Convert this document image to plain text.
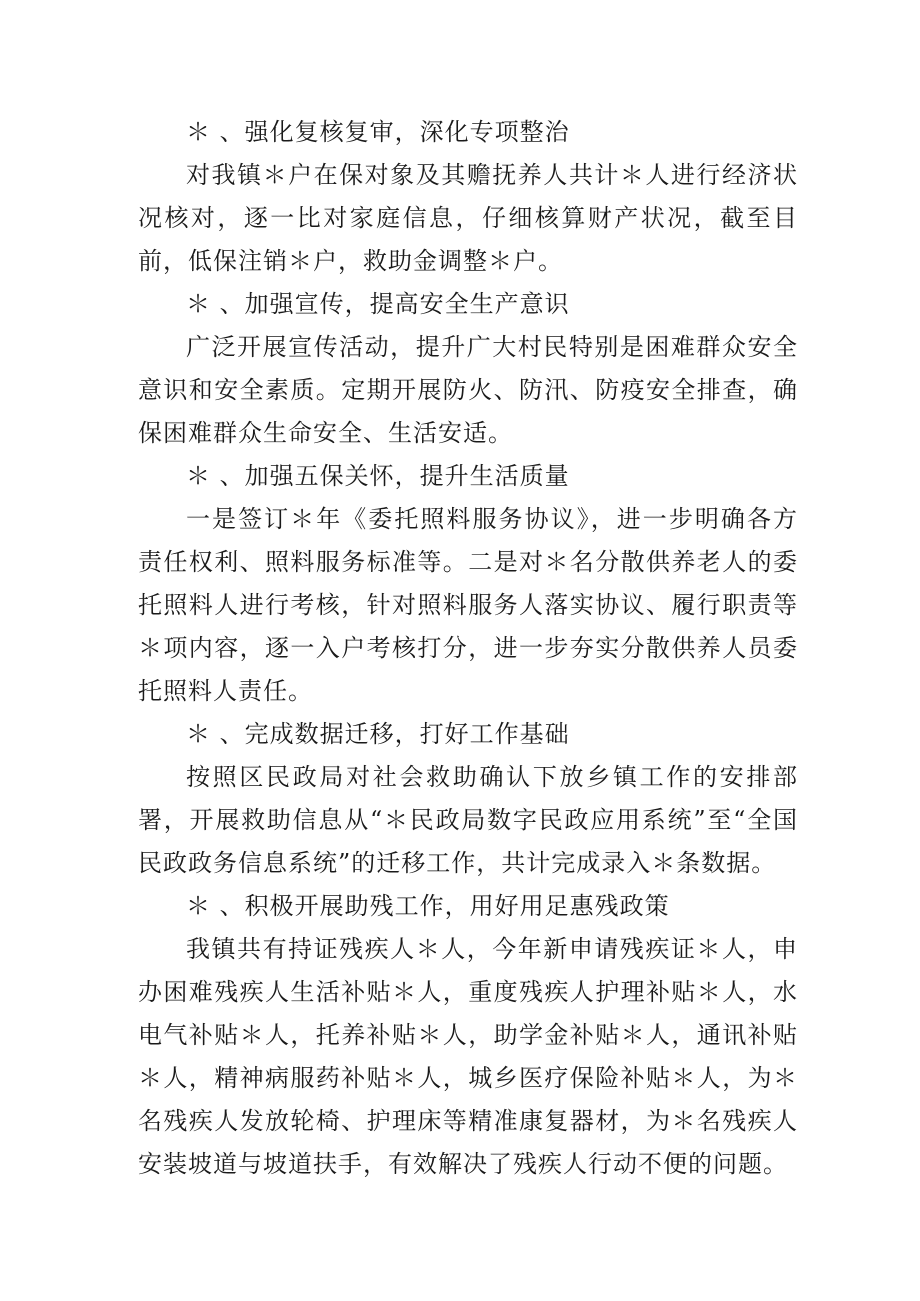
＊ 、强化复核复审，深化专项整治

对我镇＊户在保对象及其赡抚养人共计＊人进行经济状况核对，逐一比对家庭信息，仔细核算财产状况，截至目前，低保注销＊户，救助金调整＊户。

＊ 、加强宣传，提高安全生产意识

广泛开展宣传活动，提升广大村民特别是困难群众安全意识和安全素质。定期开展防火、防汛、防疫安全排查，确保困难群众生命安全、生活安适。

＊ 、加强五保关怀，提升生活质量

一是签订＊年《委托照料服务协议》，进一步明确各方责任权利、照料服务标准等。二是对＊名分散供养老人的委托照料人进行考核，针对照料服务人落实协议、履行职责等＊项内容，逐一入户考核打分，进一步夯实分散供养人员委托照料人责任。

＊ 、完成数据迁移，打好工作基础

按照区民政局对社会救助确认下放乡镇工作的安排部署，开展救助信息从“＊民政局数字民政应用系统”至“全国民政政务信息系统”的迁移工作，共计完成录入＊条数据。

＊ 、积极开展助残工作，用好用足惠残政策

我镇共有持证残疾人＊人，今年新申请残疾证＊人，申办困难残疾人生活补贴＊人，重度残疾人护理补贴＊人，水电气补贴＊人，托养补贴＊人，助学金补贴＊人，通讯补贴＊人，精神病服药补贴＊人，城乡医疗保险补贴＊人，为＊名残疾人发放轮椅、护理床等精准康复器材，为＊名残疾人安装坡道与坡道扶手，有效解决了残疾人行动不便的问题。
